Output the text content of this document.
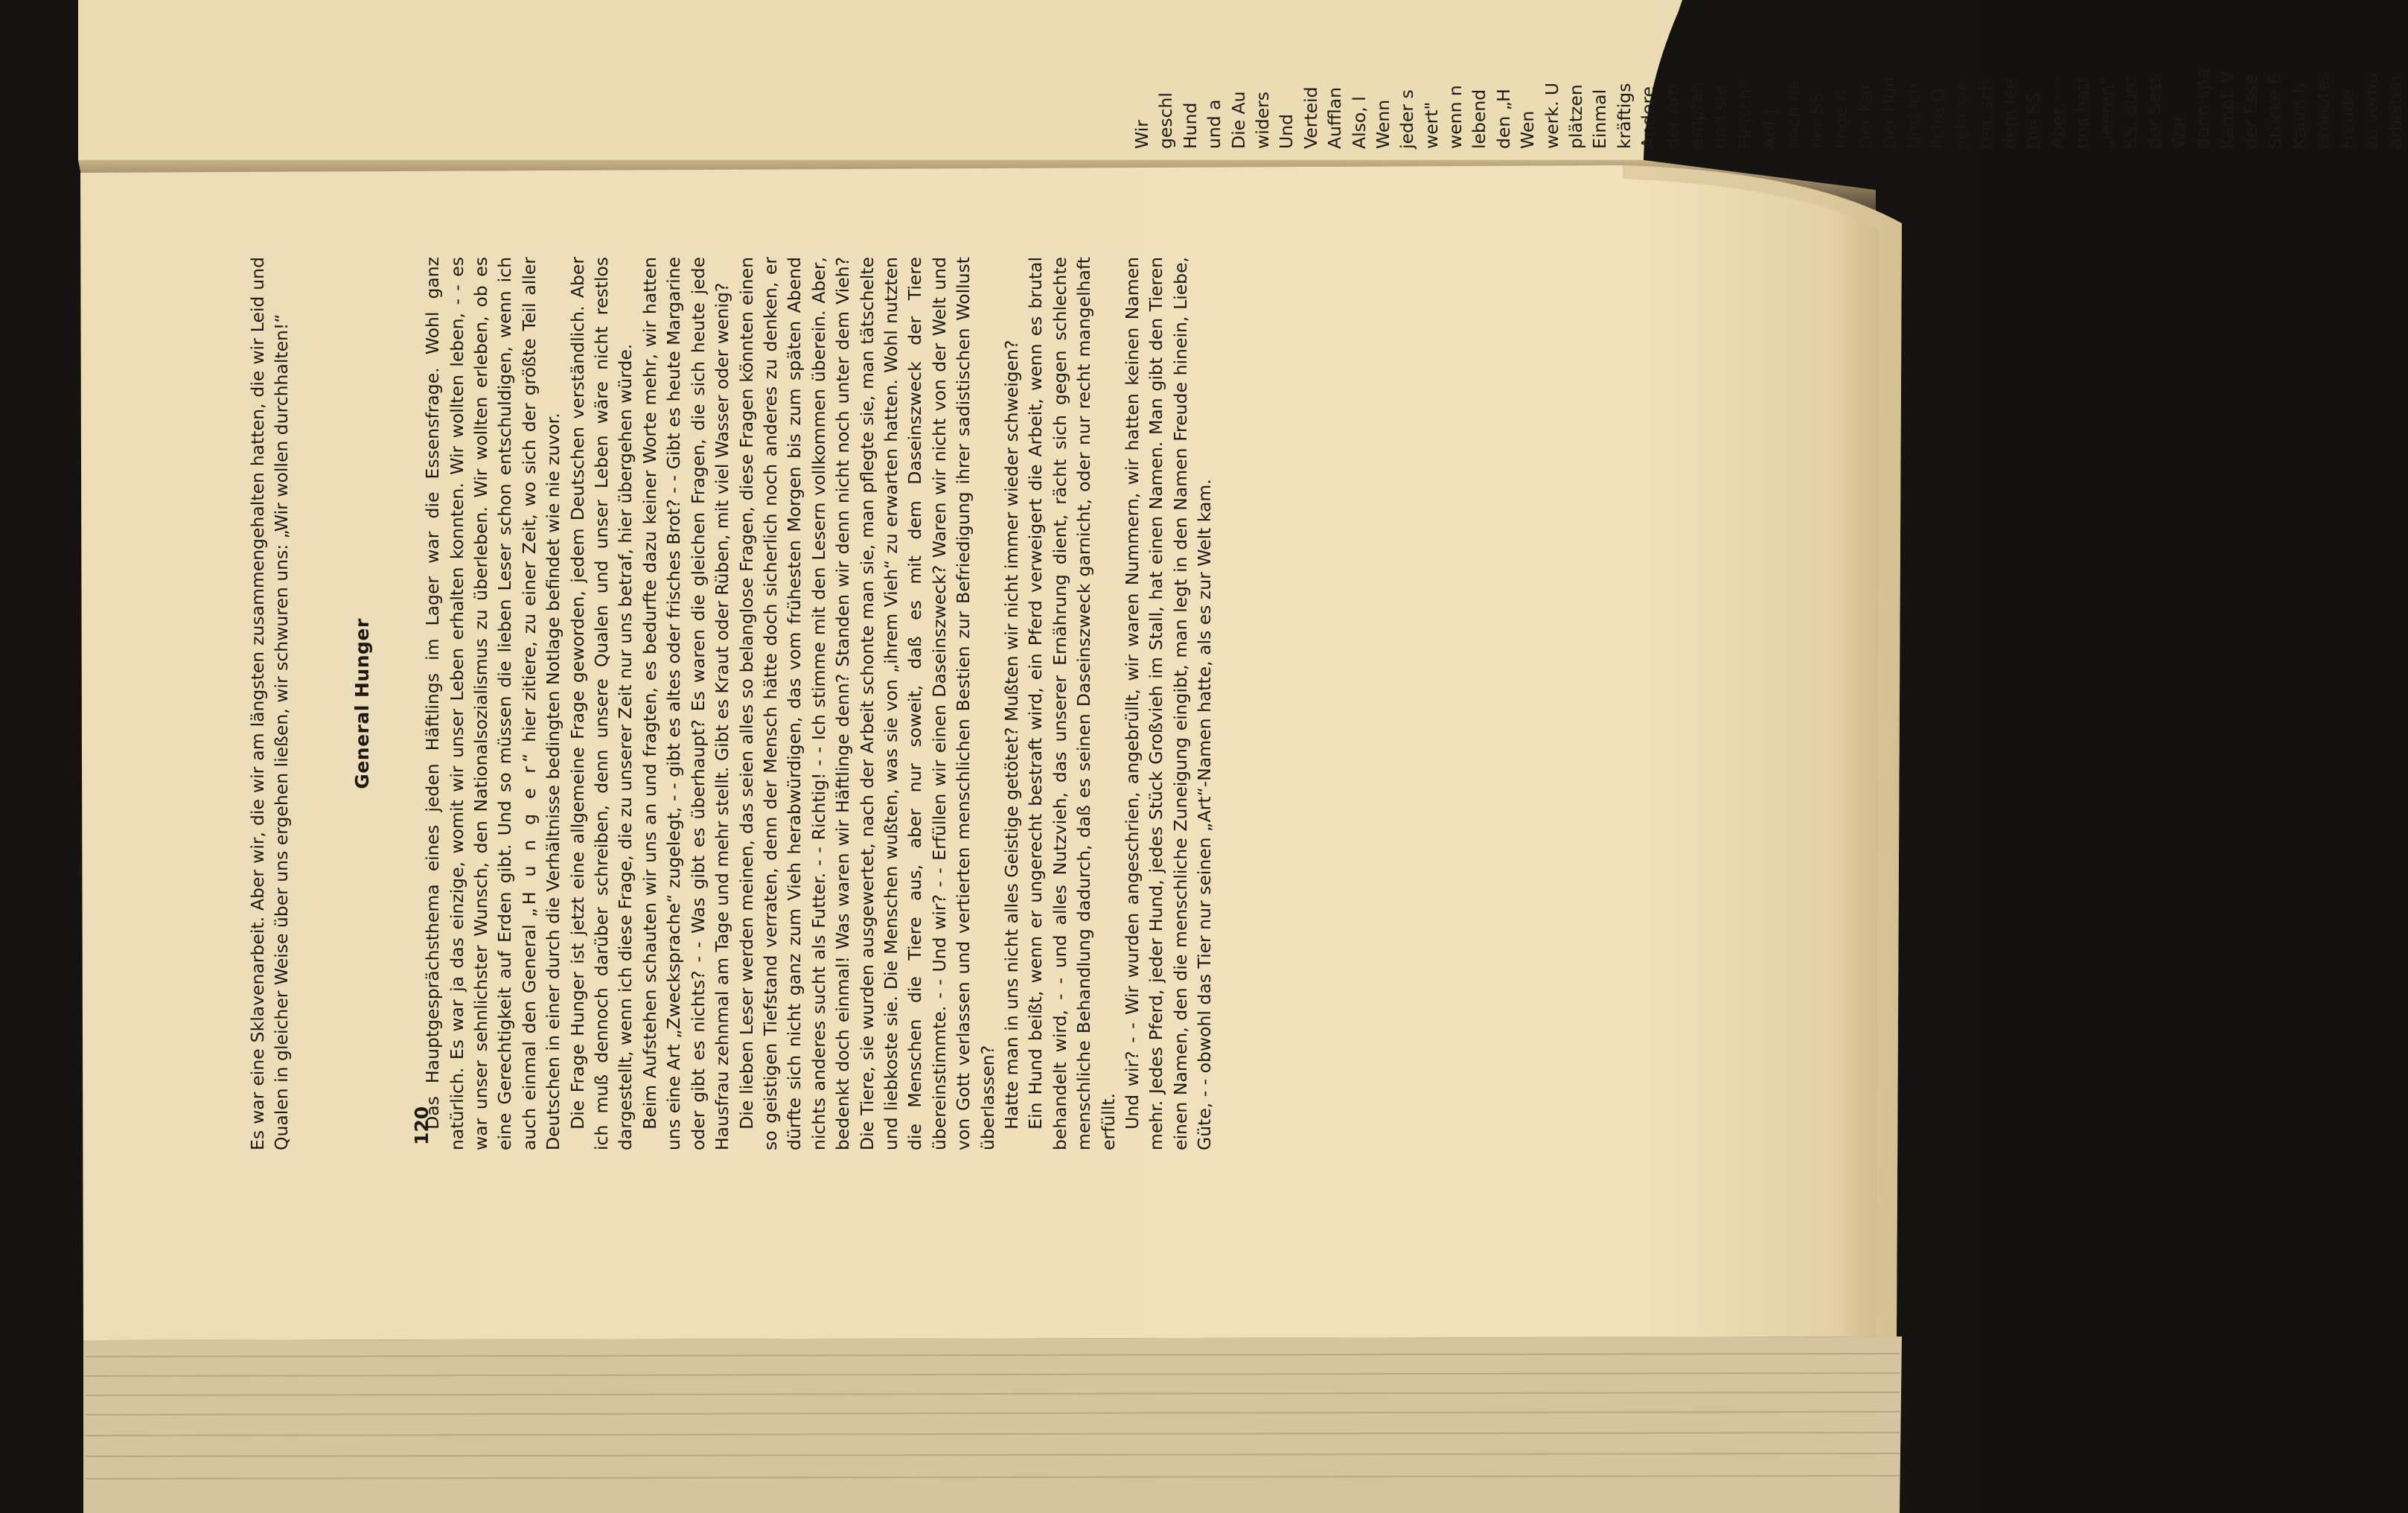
Wir geschl Hund und a Die Au widers Und Verteid Aufflan Also, l Wenn jeder s wert" wenn n lebend den „H Wen werk. U plätzen Einmal kräftigs Andere der Arb empfan und sie Fleisch" Auf j nach de der SS. linge d Der Kar Der Hun Und ich liche O sehr sie ten, sch dem lee Die SS Aber, - - uns hatt „leeren" SS. durc der Sess War dann spa Kampf. V der Esse Stücke E Kaum h erneutes Freude zu verhu arbeiten.

Es war eine Sklavenarbeit. Aber wir, die wir am längsten zusammengehalten hatten, die wir Leid und Qualen in gleicher Weise über uns ergehen ließen, wir schwuren uns: „Wir wollen durchhalten!“	General Hunger	Das Hauptgesprächsthema eines jeden Häftlings im Lager war die Essensfrage. Wohl ganz natürlich. Es war ja das einzige, womit wir unser Leben erhalten konnten. Wir wollten leben, - - es war unser sehnlichster Wunsch, den Nationalsozialismus zu überleben. Wir wollten erleben, ob es eine Gerechtigkeit auf Erden gibt. Und so müssen die lieben Leser schon entschuldigen, wenn ich auch einmal den General „H u n g e r“ hier zitiere, zu einer Zeit, wo sich der größte Teil aller Deutschen in einer durch die Verhältnisse bedingten Notlage befindet wie nie zuvor. Die Frage Hunger ist jetzt eine allgemeine Frage geworden, jedem Deutschen verständlich. Aber ich muß dennoch darüber schreiben, denn unsere Qualen und unser Leben wäre nicht restlos dargestellt, wenn ich diese Frage, die zu unserer Zeit nur uns betraf, hier übergehen würde. Beim Aufstehen schauten wir uns an und fragten, es bedurfte dazu keiner Worte mehr, wir hatten uns eine Art „Zwecksprache“ zugelegt, - - gibt es altes oder frisches Brot? - - Gibt es heute Margarine oder gibt es nichts? - - Was gibt es überhaupt? Es waren die gleichen Fragen, die sich heute jede Hausfrau zehnmal am Tage und mehr stellt. Gibt es Kraut oder Rüben, mit viel Wasser oder wenig? Die lieben Leser werden meinen, das seien alles so belanglose Fragen, diese Fragen könnten einen so geistigen Tiefstand verraten, denn der Mensch hätte doch sicherlich noch anderes zu denken, er dürfte sich nicht ganz zum Vieh herabwürdigen, das vom frühesten Morgen bis zum späten Abend nichts anderes sucht als Futter. - - Richtig! - - Ich stimme mit den Lesern vollkommen überein. Aber, bedenkt doch einmal! Was waren wir Häftlinge denn? Standen wir denn nicht noch unter dem Vieh? Die Tiere, sie wurden ausgewertet, nach der Arbeit schonte man sie, man pflegte sie, man tätschelte und liebkoste sie. Die Menschen wußten, was sie von „ihrem Vieh“ zu erwarten hatten. Wohl nutzten die Menschen die Tiere aus, aber nur soweit, daß es mit dem Daseinszweck der Tiere übereinstimmte. - - Und wir? - - Erfüllen wir einen Daseinszweck? Waren wir nicht von der Welt und von Gott verlassen und vertierten menschlichen Bestien zur Befriedigung ihrer sadistischen Wollust überlassen? Hatte man in uns nicht alles Geistige getötet? Mußten wir nicht immer wieder schweigen? Ein Hund beißt, wenn er ungerecht bestraft wird, ein Pferd verweigert die Arbeit, wenn es brutal behandelt wird, - - und alles Nutzvieh, das unserer Ernährung dient, rächt sich gegen schlechte menschliche Behandlung dadurch, daß es seinen Daseinszweck garnicht, oder nur recht mangelhaft erfüllt. Und wir? - - Wir wurden angeschrien, angebrüllt, wir waren Nummern, wir hatten keinen Namen mehr. Jedes Pferd, jeder Hund, jedes Stück Großvieh im Stall, hat einen Namen. Man gibt den Tieren einen Namen, den die menschliche Zuneigung eingibt, man legt in den Namen Freude hinein, Liebe, Güte, - - obwohl das Tier nur seinen „Art“-Namen hatte, als es zur Welt kam.

120
